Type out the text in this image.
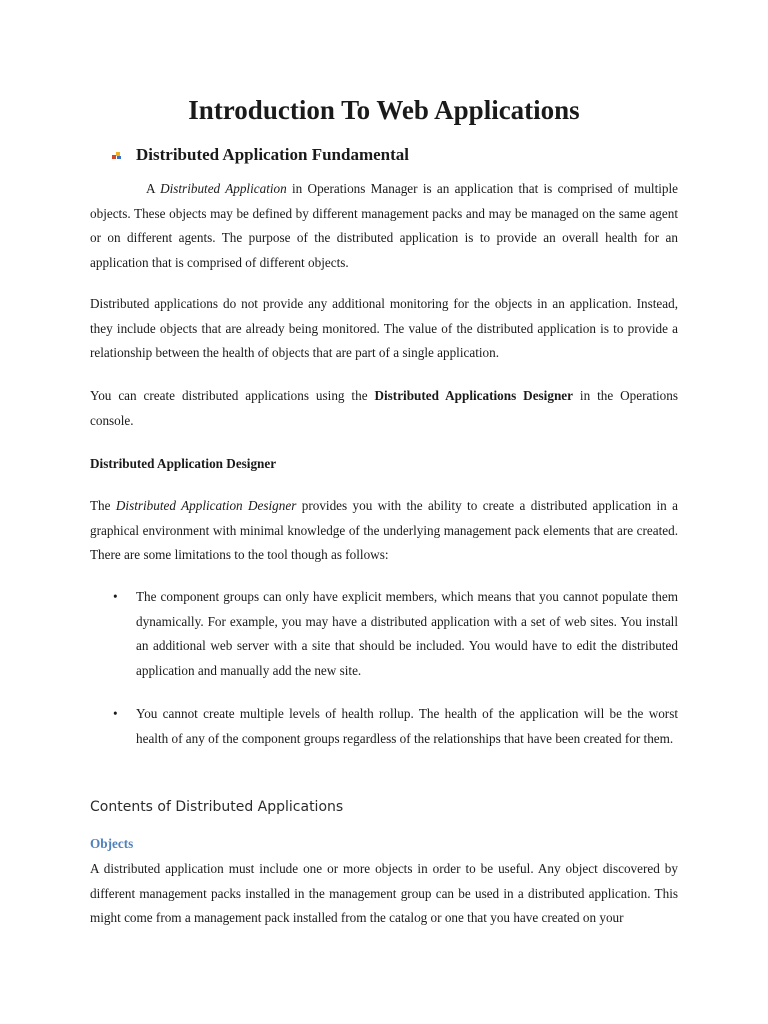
Introduction To Web Applications
Distributed Application Fundamental

A Distributed Application in Operations Manager is an application that is comprised of multiple objects. These objects may be defined by different management packs and may be managed on the same agent or on different agents. The purpose of the distributed application is to provide an overall health for an application that is comprised of different objects.

Distributed applications do not provide any additional monitoring for the objects in an application. Instead, they include objects that are already being monitored. The value of the distributed application is to provide a relationship between the health of objects that are part of a single application.

You can create distributed applications using the Distributed Applications Designer in the Operations console.

Distributed Application Designer

The Distributed Application Designer provides you with the ability to create a distributed application in a graphical environment with minimal knowledge of the underlying management pack elements that are created. There are some limitations to the tool though as follows:

• The component groups can only have explicit members, which means that you cannot populate them dynamically. For example, you may have a distributed application with a set of web sites. You install an additional web server with a site that should be included. You would have to edit the distributed application and manually add the new site.

• You cannot create multiple levels of health rollup. The health of the application will be the worst health of any of the component groups regardless of the relationships that have been created for them.

Contents of Distributed Applications
Objects

A distributed application must include one or more objects in order to be useful. Any object discovered by different management packs installed in the management group can be used in a distributed application. This might come from a management pack installed from the catalog or one that you have created on your
